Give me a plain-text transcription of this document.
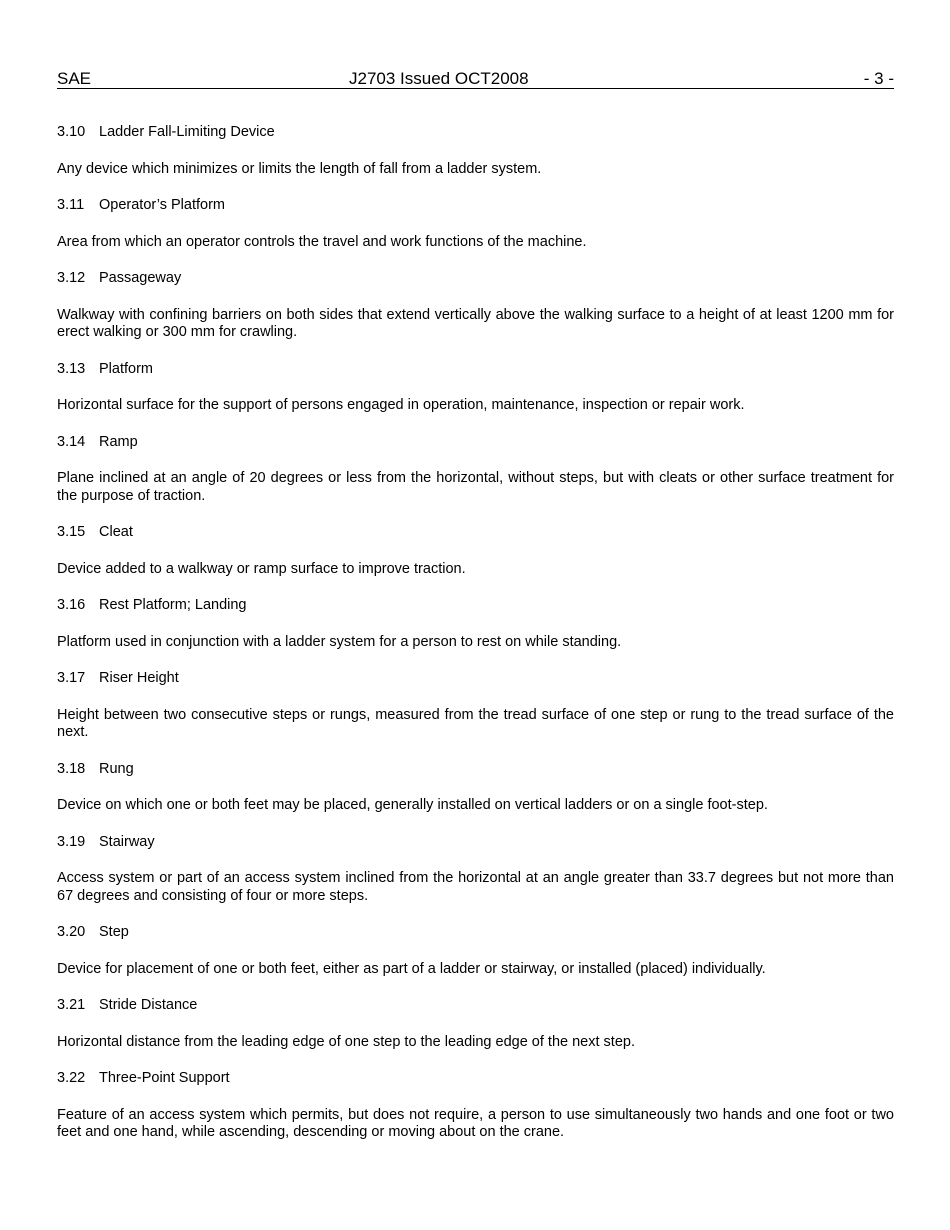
SAE	J2703 Issued OCT2008	- 3 -
3.10 Ladder Fall-Limiting Device
Any device which minimizes or limits the length of fall from a ladder system.
3.11 Operator’s Platform
Area from which an operator controls the travel and work functions of the machine.
3.12 Passageway
Walkway with confining barriers on both sides that extend vertically above the walking surface to a height of at least 1200 mm for erect walking or 300 mm for crawling.
3.13 Platform
Horizontal surface for the support of persons engaged in operation, maintenance, inspection or repair work.
3.14 Ramp
Plane inclined at an angle of 20 degrees or less from the horizontal, without steps, but with cleats or other surface treatment for the purpose of traction.
3.15 Cleat
Device added to a walkway or ramp surface to improve traction.
3.16 Rest Platform; Landing
Platform used in conjunction with a ladder system for a person to rest on while standing.
3.17 Riser Height
Height between two consecutive steps or rungs, measured from the tread surface of one step or rung to the tread surface of the next.
3.18 Rung
Device on which one or both feet may be placed, generally installed on vertical ladders or on a single foot-step.
3.19 Stairway
Access system or part of an access system inclined from the horizontal at an angle greater than 33.7 degrees but not more than 67 degrees and consisting of four or more steps.
3.20 Step
Device for placement of one or both feet, either as part of a ladder or stairway, or installed (placed) individually.
3.21 Stride Distance
Horizontal distance from the leading edge of one step to the leading edge of the next step.
3.22 Three-Point Support
Feature of an access system which permits, but does not require, a person to use simultaneously two hands and one foot or two feet and one hand, while ascending, descending or moving about on the crane.
